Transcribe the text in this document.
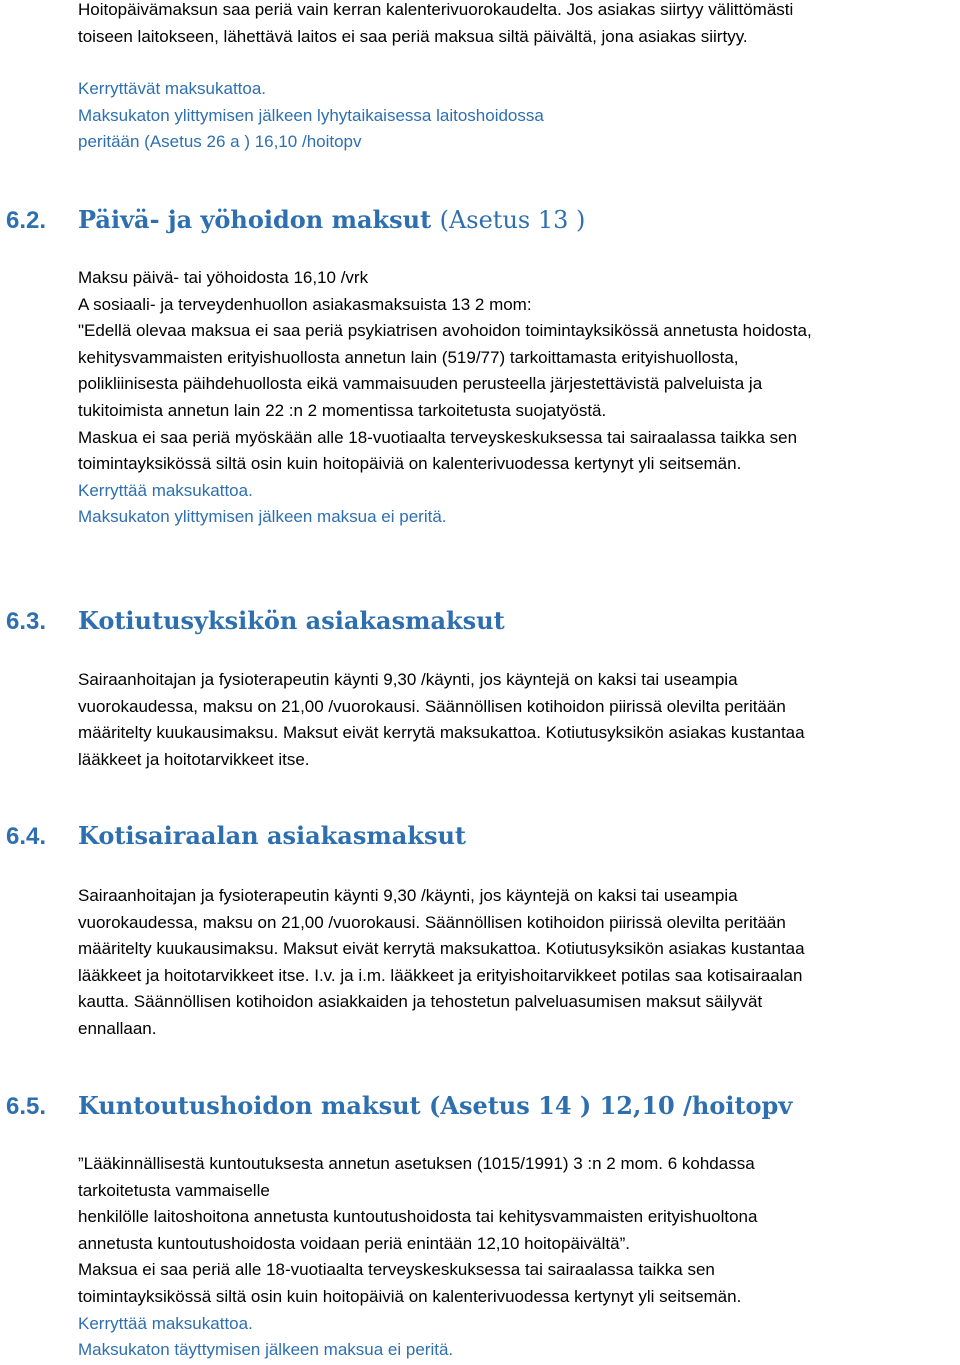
Hoitopäivämaksun saa periä vain kerran kalenterivuorokaudelta. Jos asiakas siirtyy välittömästi
toiseen laitokseen, lähettävä laitos ei saa periä maksua siltä päivältä, jona asiakas siirtyy.
Kerryttävät maksukattoa.
Maksukaton ylittymisen jälkeen lyhytaikaisessa laitoshoidossa
peritään (Asetus 26 a ) 16,10 /hoitopv
6.2. Päivä- ja yöhoidon maksut (Asetus 13 )
Maksu päivä- tai yöhoidosta 16,10 /vrk
A sosiaali- ja terveydenhuollon asiakasmaksuista 13 2 mom:
"Edellä olevaa maksua ei saa periä psykiatrisen avohoidon toimintayksikössä annetusta hoidosta,
kehitysvammaisten erityishuollosta annetun lain (519/77) tarkoittamasta erityishuollosta,
polikliinisesta päihdehuollosta eikä vammaisuuden perusteella järjestettävistä palveluista ja
tukitoimista annetun lain 22 :n 2 momentissa tarkoitetusta suojatyöstä.
Maskua ei saa periä myöskään alle 18-vuotiaalta terveyskeskuksessa tai sairaalassa taikka sen
toimintayksikössä siltä osin kuin hoitopäiviä on kalenterivuodessa kertynyt yli seitsemän.
Kerryttää maksukattoa.
Maksukaton ylittymisen jälkeen maksua ei peritä.
6.3. Kotiutusyksikön asiakasmaksut
Sairaanhoitajan ja fysioterapeutin käynti 9,30 /käynti, jos käyntejä on kaksi tai useampia
vuorokaudessa, maksu on 21,00 /vuorokausi. Säännöllisen kotihoidon piirissä olevilta peritään
määritelty kuukausimaksu. Maksut eivät kerrytä maksukattoa. Kotiutusyksikön asiakas kustantaa
lääkkeet ja hoitotarvikkeet itse.
6.4. Kotisairaalan asiakasmaksut
Sairaanhoitajan ja fysioterapeutin käynti 9,30 /käynti, jos käyntejä on kaksi tai useampia
vuorokaudessa, maksu on 21,00 /vuorokausi. Säännöllisen kotihoidon piirissä olevilta peritään
määritelty kuukausimaksu. Maksut eivät kerrytä maksukattoa. Kotiutusyksikön asiakas kustantaa
lääkkeet ja hoitotarvikkeet itse. I.v. ja i.m. lääkkeet ja erityishoitarvikkeet potilas saa kotisairaalan
kautta. Säännöllisen kotihoidon asiakkaiden ja tehostetun palveluasumisen maksut säilyvät
ennallaan.
6.5. Kuntoutushoidon maksut (Asetus 14 ) 12,10 /hoitopv
”Lääkinnällisestä kuntoutuksesta annetun asetuksen (1015/1991) 3 :n 2 mom. 6 kohdassa
tarkoitetusta vammaiselle
henkilölle laitoshoitona annetusta kuntoutushoidosta tai kehitysvammaisten erityishuoltona
annetusta kuntoutushoidosta voidaan periä enintään 12,10 hoitopäivältä”.
Maksua ei saa periä alle 18-vuotiaalta terveyskeskuksessa tai sairaalassa taikka sen
toimintayksikössä siltä osin kuin hoitopäiviä on kalenterivuodessa kertynyt yli seitsemän.
Kerryttää maksukattoa.
Maksukaton täyttymisen jälkeen maksua ei peritä.
